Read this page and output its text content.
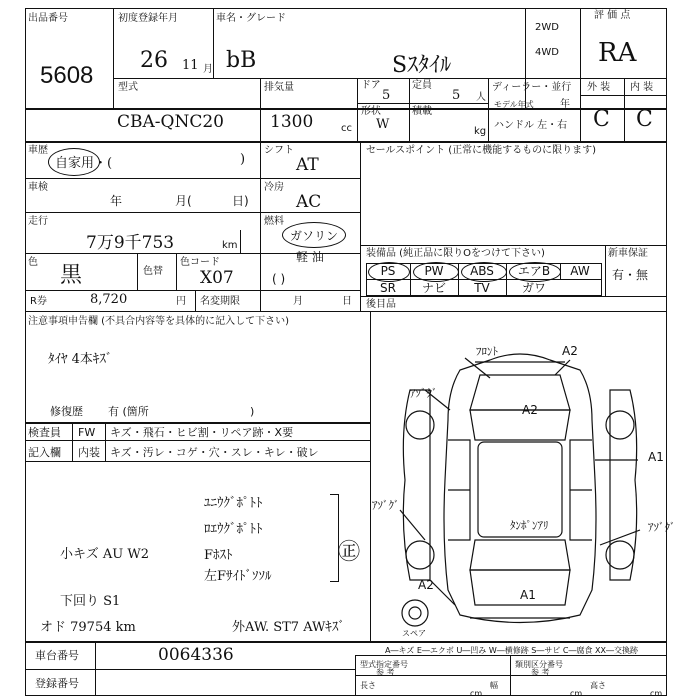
出品番号
5608
初度登録年月
26 11 月
車名・グレード
bB	Sｽﾀｲﾙ
2WD
4WD
評 価 点
RA
外 装 内 装
C C
型式
CBA-QNC20
排気量
1300	cc
ドア
5
定員
5 人
形状
W
積載
kg
ディーラー・並行
モデル年式	年
ハンドル 左・右
車歴
自家用・(	)
シフト
AT
車検
年	月(	日)
冷房
AC
走行
7万9千753	km
燃料
ガソリン
軽 油
( )
色
黒	色替
色コード
X07
R券	8,720	円 名変期限	月	日
セールスポイント (正常に機能するものに限ります)
装備品 (純正品に限りOをつけて下さい)	新車保証
有・無
PS	PW	ABS	エアB	AW
SR	ナビ	TV	ガワ
後目品
注意事項申告欄 (不具合内容等を具体的に記入して下さい)
ﾀｲﾔ 4本ｷｽﾞ
修復歴 有 (箇所	)
検査員
記入欄
FW キズ・飛石・ヒビ割・リペア跡・X要
内装 キズ・汚レ・コゲ・穴・スレ・キレ・破レ
ﾕﾆｳｸﾞﾎﾟﾄﾄ
ﾛｴｳｸﾞﾎﾟﾄﾄ
Fﾎｽﾄ
左Fｻｲﾄﾞｿｿﾙ
小キズ AU W2
下回り S1
オド 79754 km	外AW. ST7 AWｷｽﾞ
㊣
ﾌﾛﾝﾄ	A2
ｱｿﾞｸﾞ
A2
A1
ｱｿﾞｸﾞ
ｱｿﾞｸﾞ
ﾀﾝﾎﾟﾝｱﾘ
A2
A1
スペア
車台番号	0064336
登録番号
A―キズ E―エクボ U―凹み W―横修跡 S―サビ C―腐食 XX―交換跡
型式指定番号
参 考
類別区分番号
参 考
長さ
cm
幅
cm
高さ
cm
